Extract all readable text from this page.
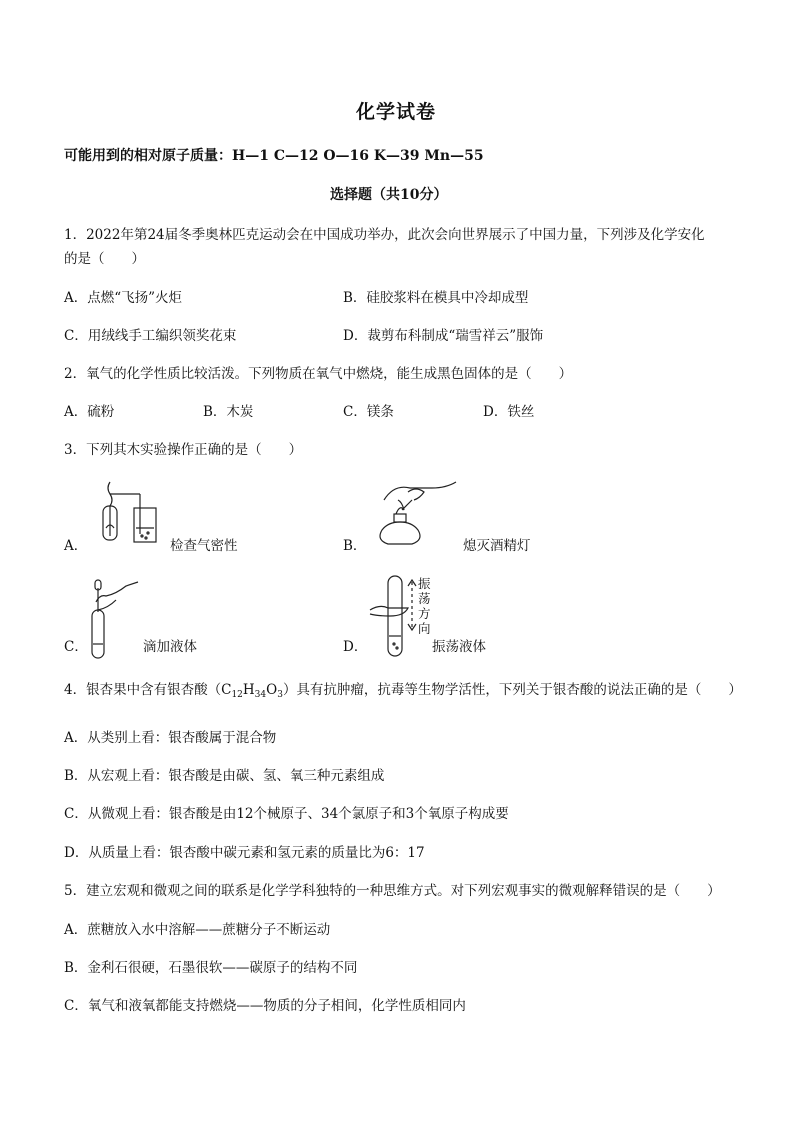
化学试卷
可能用到的相对原子质量：H—1 C—12 O—16 K—39 Mn—55
选择题（共10分）
1．2022年第24届冬季奥林匹克运动会在中国成功举办，此次会向世界展示了中国力量，下列涉及化学安化
的是（　　）
A．点燃“飞扬”火炬	B．硅胶浆料在模具中冷却成型
C．用绒线手工编织领奖花束	D．裁剪布科制成“瑞雪祥云”服饰
2．氧气的化学性质比较活泼。下列物质在氧气中燃烧，能生成黑色固体的是（　　）
A．硫粉	B．木炭	C．镁条	D．铁丝
3．下列其木实验操作正确的是（　　）
A．	检查气密性	B．	熄灭酒精灯
C．	滴加液体	D．
振荡方向
振荡液体
4．银杏果中含有银杏酸$(C_{12}H_{34}O_3)$具有抗肿瘤，抗毒等生物学活性，下列关于银杏酸的说法正确的是（　　）
A．从类别上看：银杏酸属于混合物
B．从宏观上看：银杏酸是由碳、氢、氧三种元素组成
C．从微观上看：银杏酸是由12个械原子、34个氯原子和3个氧原子构成要
D．从质量上看：银杏酸中碳元素和氢元素的质量比为6：17
5．建立宏观和微观之间的联系是化学学科独特的一种思维方式。对下列宏观事实的微观解释错误的是（　　）
A．蔗糖放入水中溶解——蔗糖分子不断运动
B．金利石很硬，石墨很软——碳原子的结构不同
C．氧气和液氧都能支持燃烧——物质的分子相间，化学性质相同内
